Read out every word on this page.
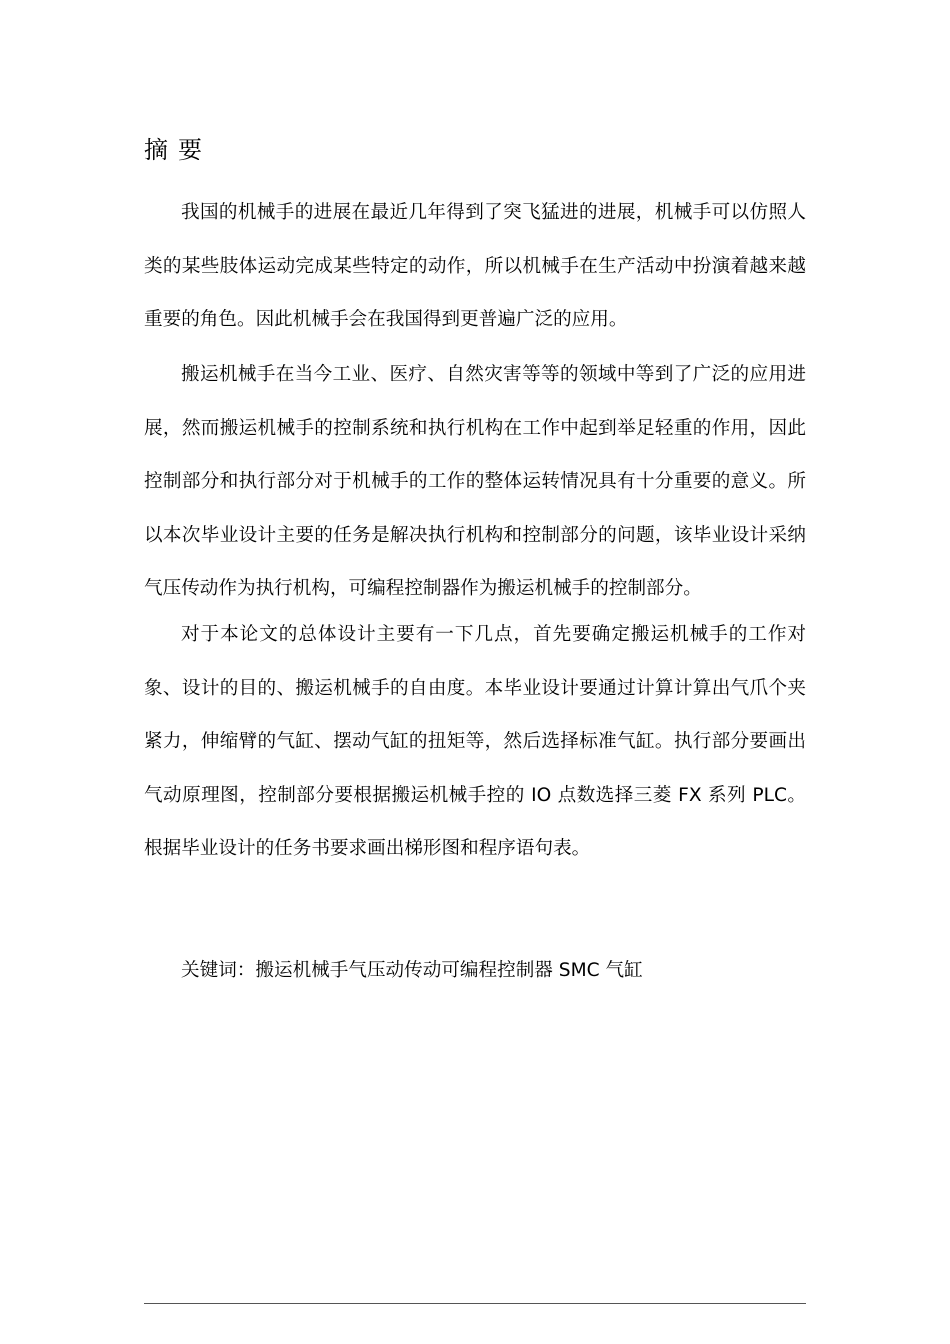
摘要

我国的机械手的进展在最近几年得到了突飞猛进的进展，机械手可以仿照人类的某些肢体运动完成某些特定的动作，所以机械手在生产活动中扮演着越来越重要的角色。因此机械手会在我国得到更普遍广泛的应用。

搬运机械手在当今工业、医疗、自然灾害等等的领域中等到了广泛的应用进展，然而搬运机械手的控制系统和执行机构在工作中起到举足轻重的作用，因此控制部分和执行部分对于机械手的工作的整体运转情况具有十分重要的意义。所以本次毕业设计主要的任务是解决执行机构和控制部分的问题，该毕业设计采纳气压传动作为执行机构，可编程控制器作为搬运机械手的控制部分。

对于本论文的总体设计主要有一下几点，首先要确定搬运机械手的工作对象、设计的目的、搬运机械手的自由度。本毕业设计要通过计算计算出气爪个夹紧力，伸缩臂的气缸、摆动气缸的扭矩等，然后选择标准气缸。执行部分要画出气动原理图，控制部分要根据搬运机械手控的 IO 点数选择三菱 FX 系列 PLC。根据毕业设计的任务书要求画出梯形图和程序语句表。

关键词：搬运机械手气压动传动可编程控制器 SMC 气缸
